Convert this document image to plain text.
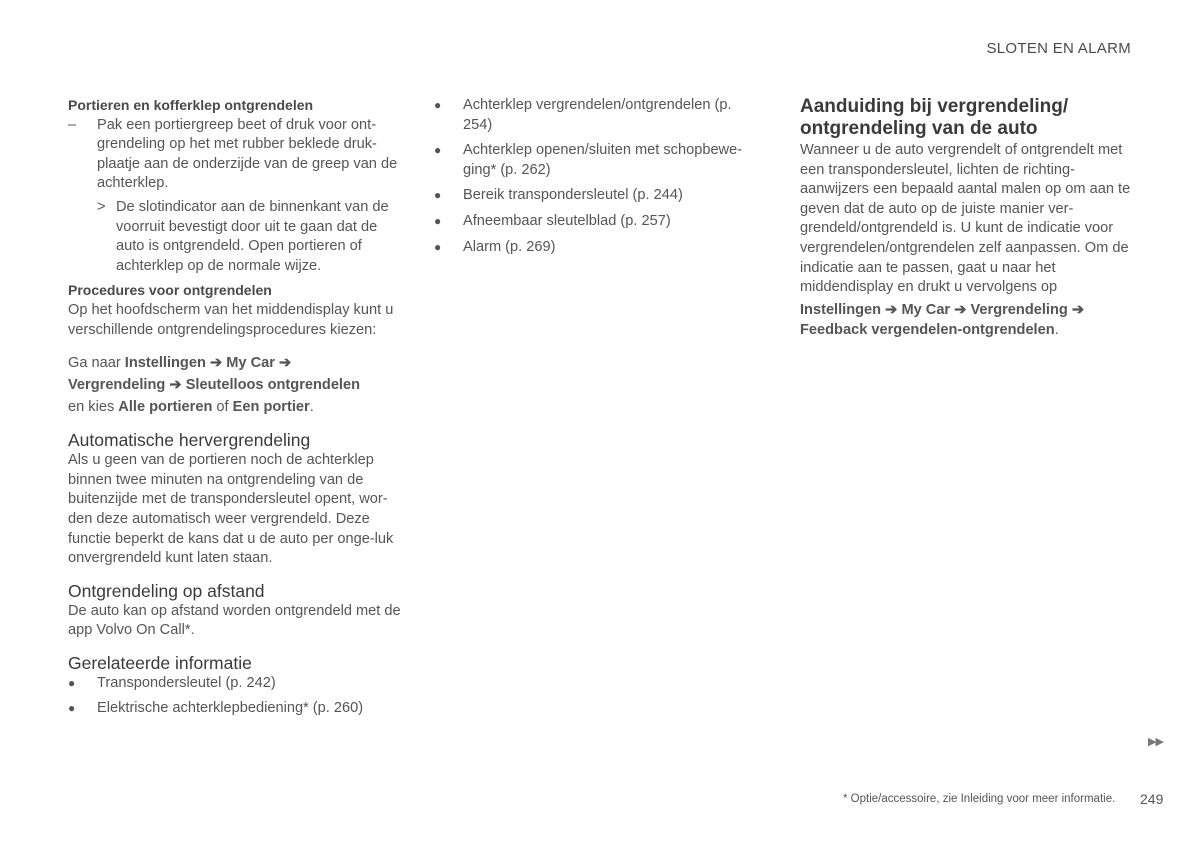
SLOTEN EN ALARM

Portieren en kofferklep ontgrendelen

–	Pak een portiergreep beet of druk voor ont-grendeling op het met rubber beklede druk-plaatje aan de onderzijde van de greep van de achterklep.
> De slotindicator aan de binnenkant van de voorruit bevestigt door uit te gaan dat de auto is ontgrendeld. Open portieren of achterklep op de normale wijze.

Procedures voor ontgrendelen

Op het hoofdscherm van het middendisplay kunt u verschillende ontgrendelingsprocedures kiezen:

Ga naar Instellingen ➔ My Car ➔
Vergrendeling ➔ Sleutelloos ontgrendelen
en kies Alle portieren of Een portier.

Automatische hervergrendeling

Als u geen van de portieren noch de achterklep binnen twee minuten na ontgrendeling van de buitenzijde met de transpondersleutel opent, wor-den deze automatisch weer vergrendeld. Deze functie beperkt de kans dat u de auto per onge-luk onvergrendeld kunt laten staan.

Ontgrendeling op afstand

De auto kan op afstand worden ontgrendeld met de app Volvo On Call*.

Gerelateerde informatie
●	Transpondersleutel (p. 242)
●	Elektrische achterklepbediening* (p. 260)
●	Achterklep vergrendelen/ontgrendelen (p. 254)
●	Achterklep openen/sluiten met schopbewe-ging* (p. 262)
●	Bereik transpondersleutel (p. 244)
●	Afneembaar sleutelblad (p. 257)
●	Alarm (p. 269)
Aanduiding bij vergrendeling/ ontgrendeling van de auto

Wanneer u de auto vergrendelt of ontgrendelt met een transpondersleutel, lichten de richting-aanwijzers een bepaald aantal malen op om aan te geven dat de auto op de juiste manier ver-grendeld/ontgrendeld is. U kunt de indicatie voor vergrendelen/ontgrendelen zelf aanpassen. Om de indicatie aan te passen, gaat u naar het middendisplay en drukt u vervolgens op

Instellingen ➔ My Car ➔ Vergrendeling ➔
Feedback vergendelen-ontgrendelen.

▶▶
* Optie/accessoire, zie Inleiding voor meer informatie. 249
